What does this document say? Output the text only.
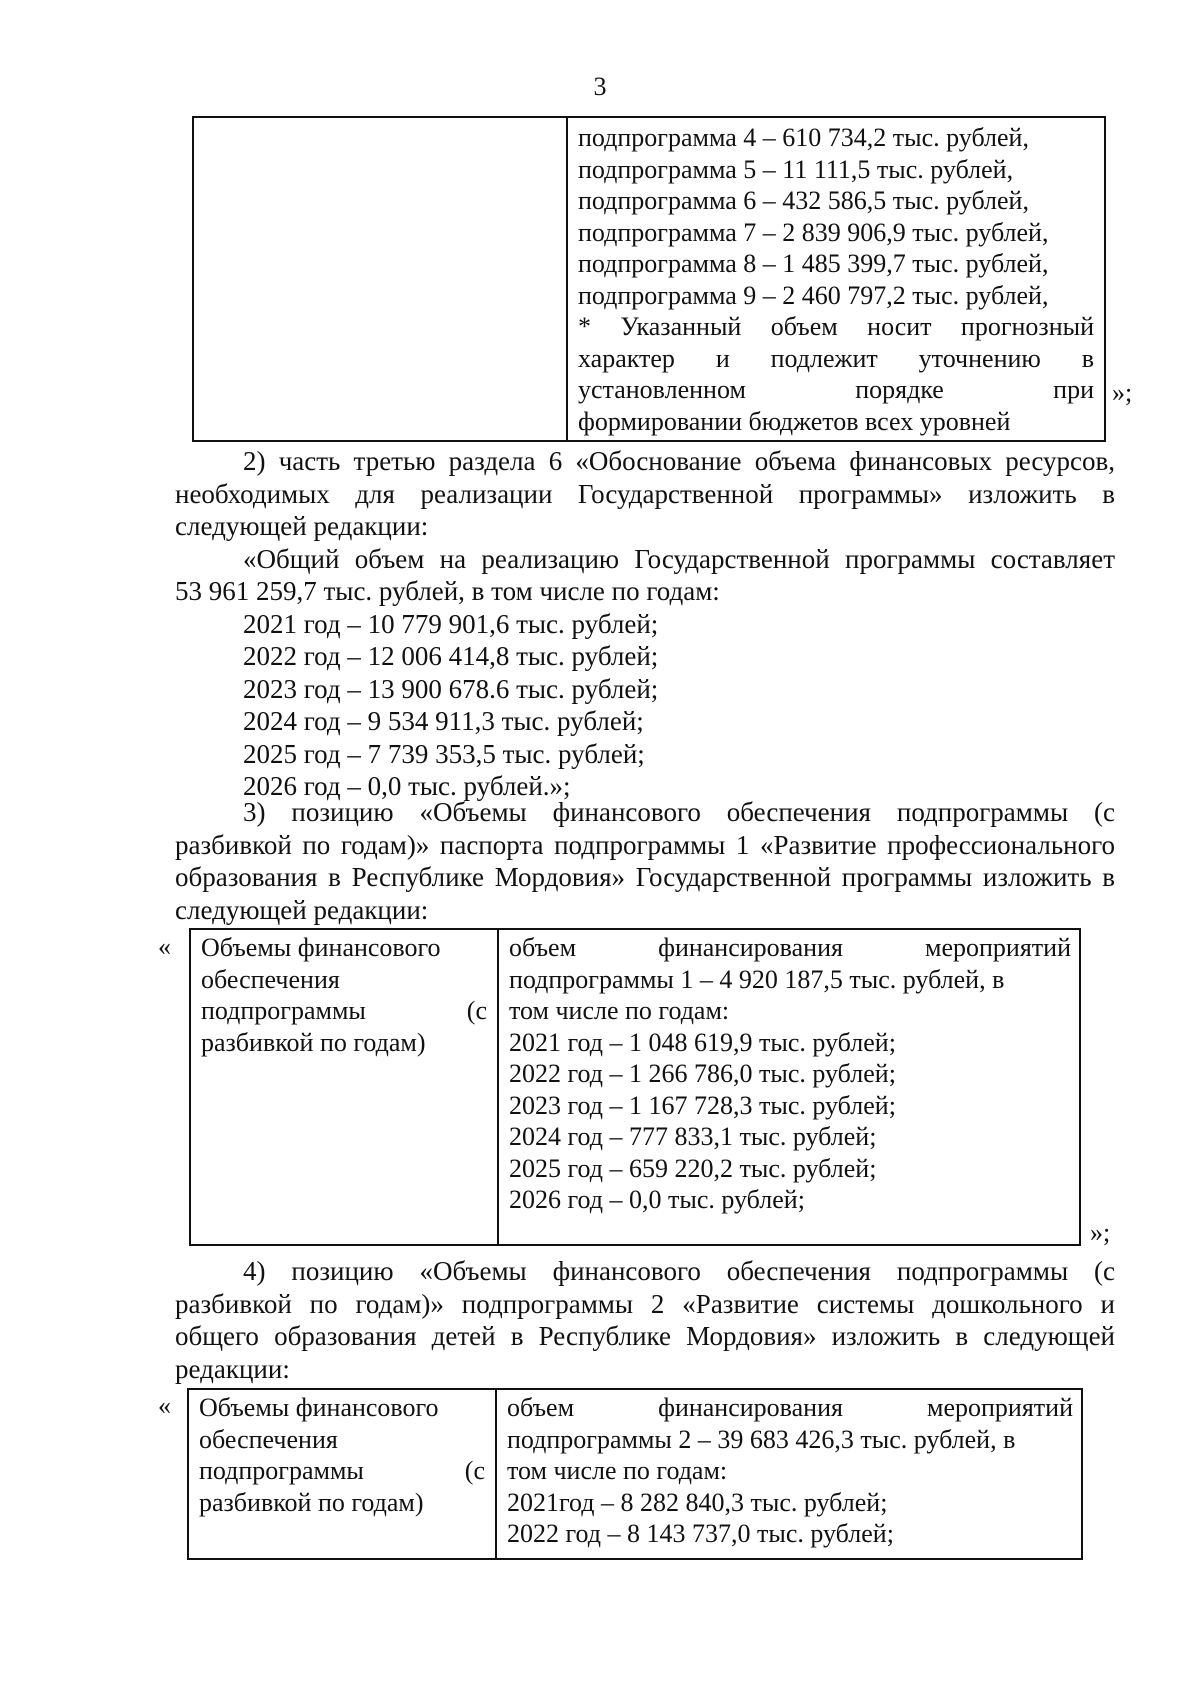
3

подпрограмма 4 – 610 734,2 тыс. рублей,
подпрограмма 5 – 11 111,5 тыс. рублей,
подпрограмма 6 – 432 586,5 тыс. рублей,
подпрограмма 7 – 2 839 906,9 тыс. рублей,
подпрограмма 8 – 1 485 399,7 тыс. рублей,
подпрограмма 9 – 2 460 797,2 тыс. рублей,
* Указанный объем носит прогнозный
характер и подлежит уточнению в
установленном порядке при
формировании бюджетов всех уровней
»;

2) часть третью раздела 6 «Обоснование объема финансовых ресурсов, необходимых для реализации Государственной программы» изложить в следующей редакции:

«Общий объем на реализацию Государственной программы составляет

53 961 259,7 тыс. рублей, в том числе по годам:

2021 год – 10 779 901,6 тыс. рублей;

2022 год – 12 006 414,8 тыс. рублей;

2023 год – 13 900 678.6 тыс. рублей;

2024 год – 9 534 911,3 тыс. рублей;

2025 год – 7 739 353,5 тыс. рублей;

2026 год – 0,0 тыс. рублей.»;

3) позицию «Объемы финансового обеспечения подпрограммы (с разбивкой по годам)» паспорта подпрограммы 1 «Развитие профессионального образования в Республике Мордовия» Государственной программы изложить в следующей редакции:

« Объемы финансового
обеспечения
подпрограммы (с
разбивкой по годам)

объем финансирования мероприятий
подпрограммы 1 – 4 920 187,5 тыс. рублей, в
том числе по годам:
2021 год – 1 048 619,9 тыс. рублей;
2022 год – 1 266 786,0 тыс. рублей;
2023 год – 1 167 728,3 тыс. рублей;
2024 год – 777 833,1 тыс. рублей;
2025 год – 659 220,2 тыс. рублей;
2026 год – 0,0 тыс. рублей;
»;

4) позицию «Объемы финансового обеспечения подпрограммы (с разбивкой по годам)» подпрограммы 2 «Развитие системы дошкольного и общего образования детей в Республике Мордовия» изложить в следующей редакции:

« Объемы финансового
обеспечения
подпрограммы (с
разбивкой по годам)

объем финансирования мероприятий
подпрограммы 2 – 39 683 426,3 тыс. рублей, в
том числе по годам:
2021год – 8 282 840,3 тыс. рублей;
2022 год – 8 143 737,0 тыс. рублей;
